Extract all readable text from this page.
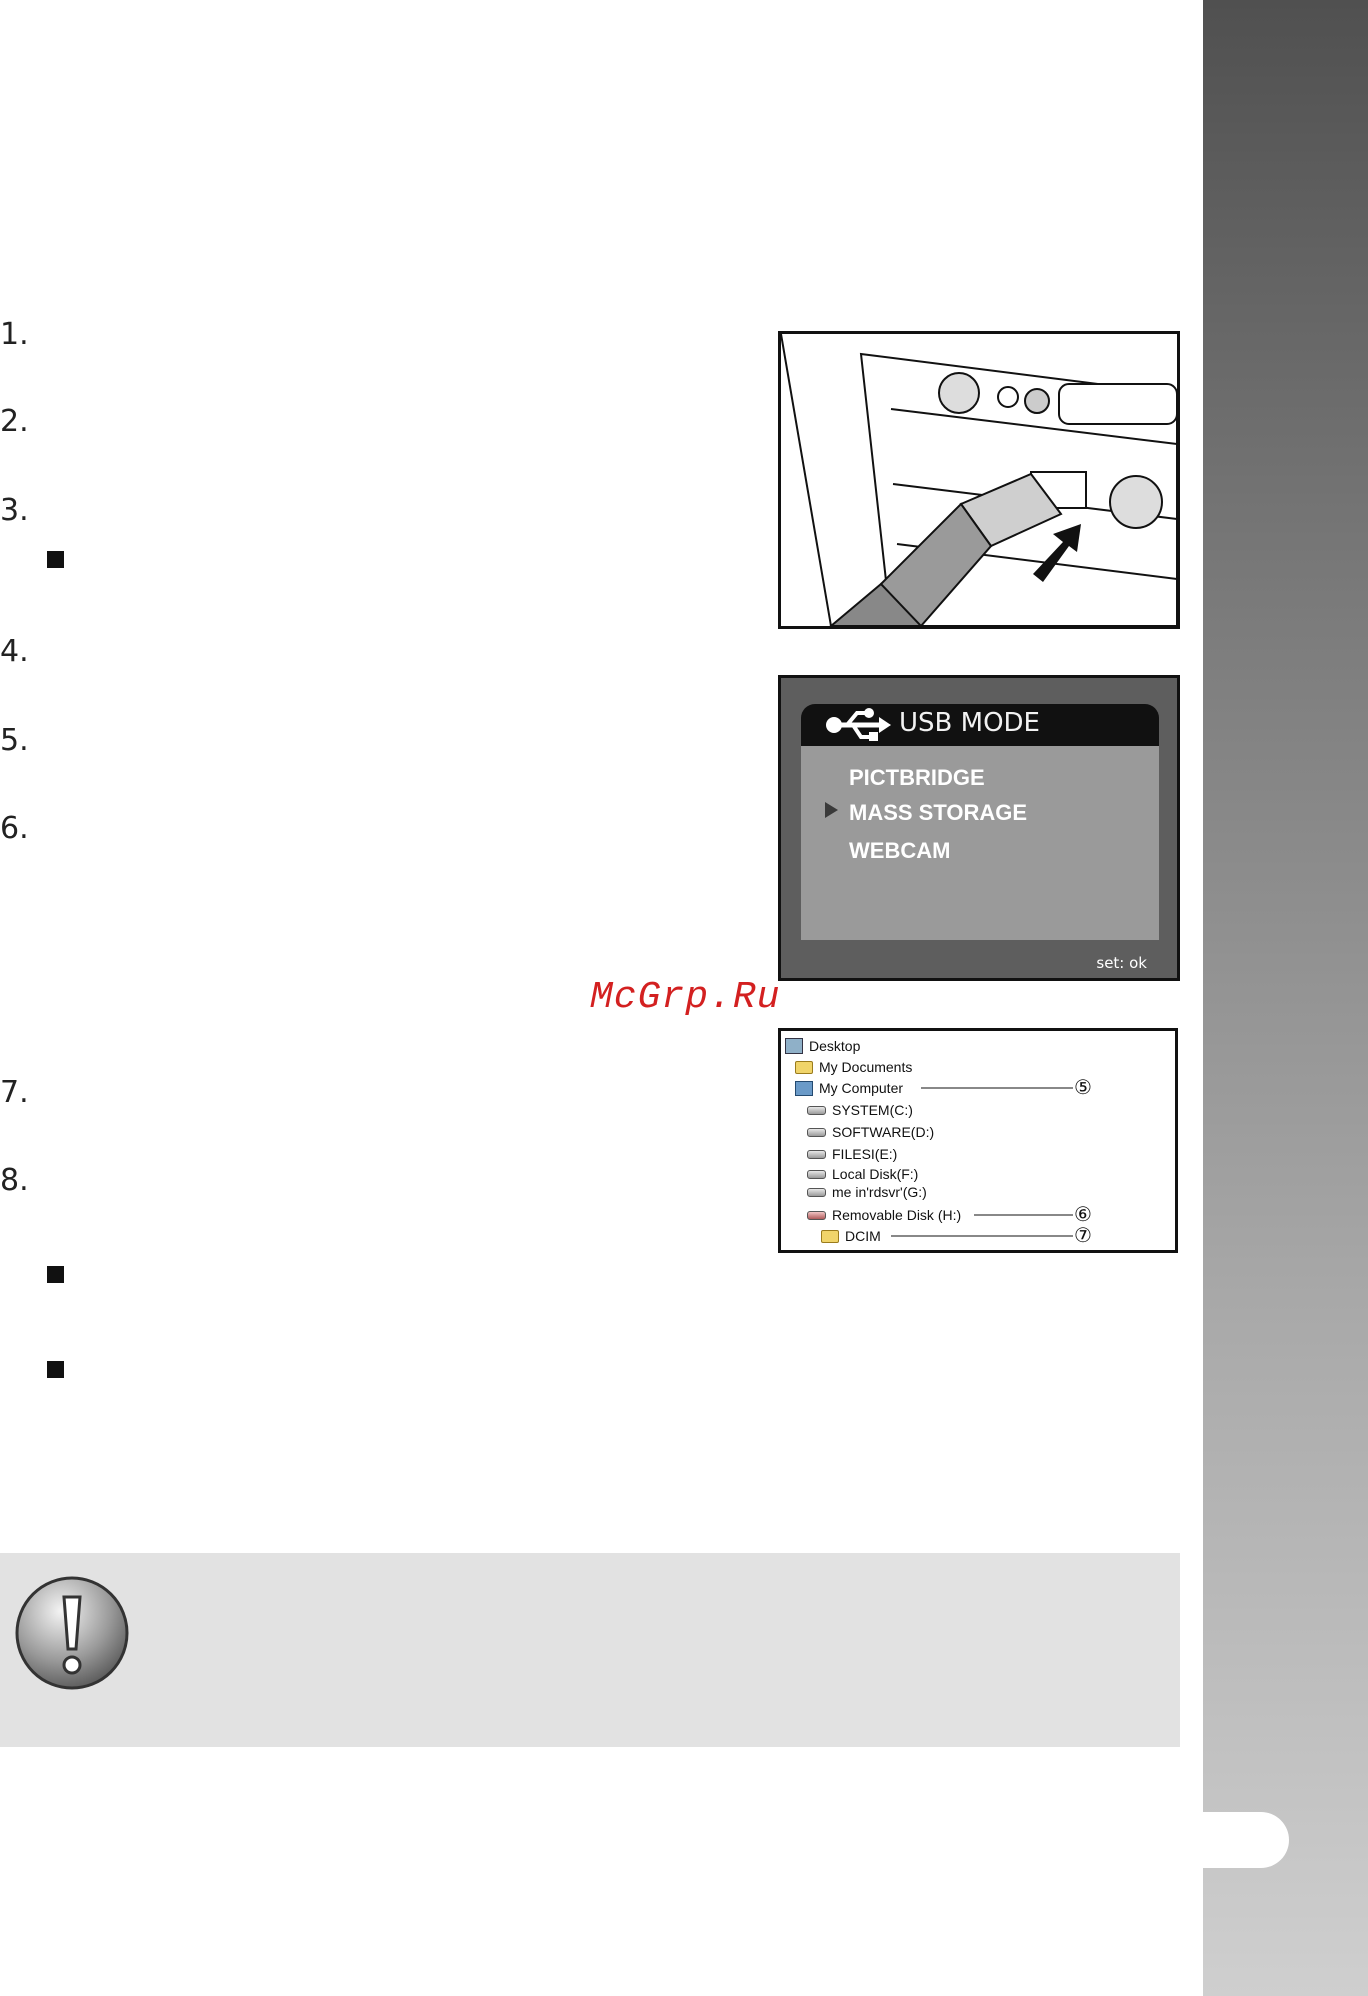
1.
2.
3.
4.
5.
6.
7.
8.
USB MODE
PICTBRIDGE
MASS STORAGE
WEBCAM
set: ok
McGrp.Ru
Desktop
My Documents
My Computer
SYSTEM(C:)
SOFTWARE(D:)
FILESI(E:)
Local Disk(F:)
me in'rdsvr'(G:)
Removable Disk (H:)
DCIM
⑤
⑥
⑦
